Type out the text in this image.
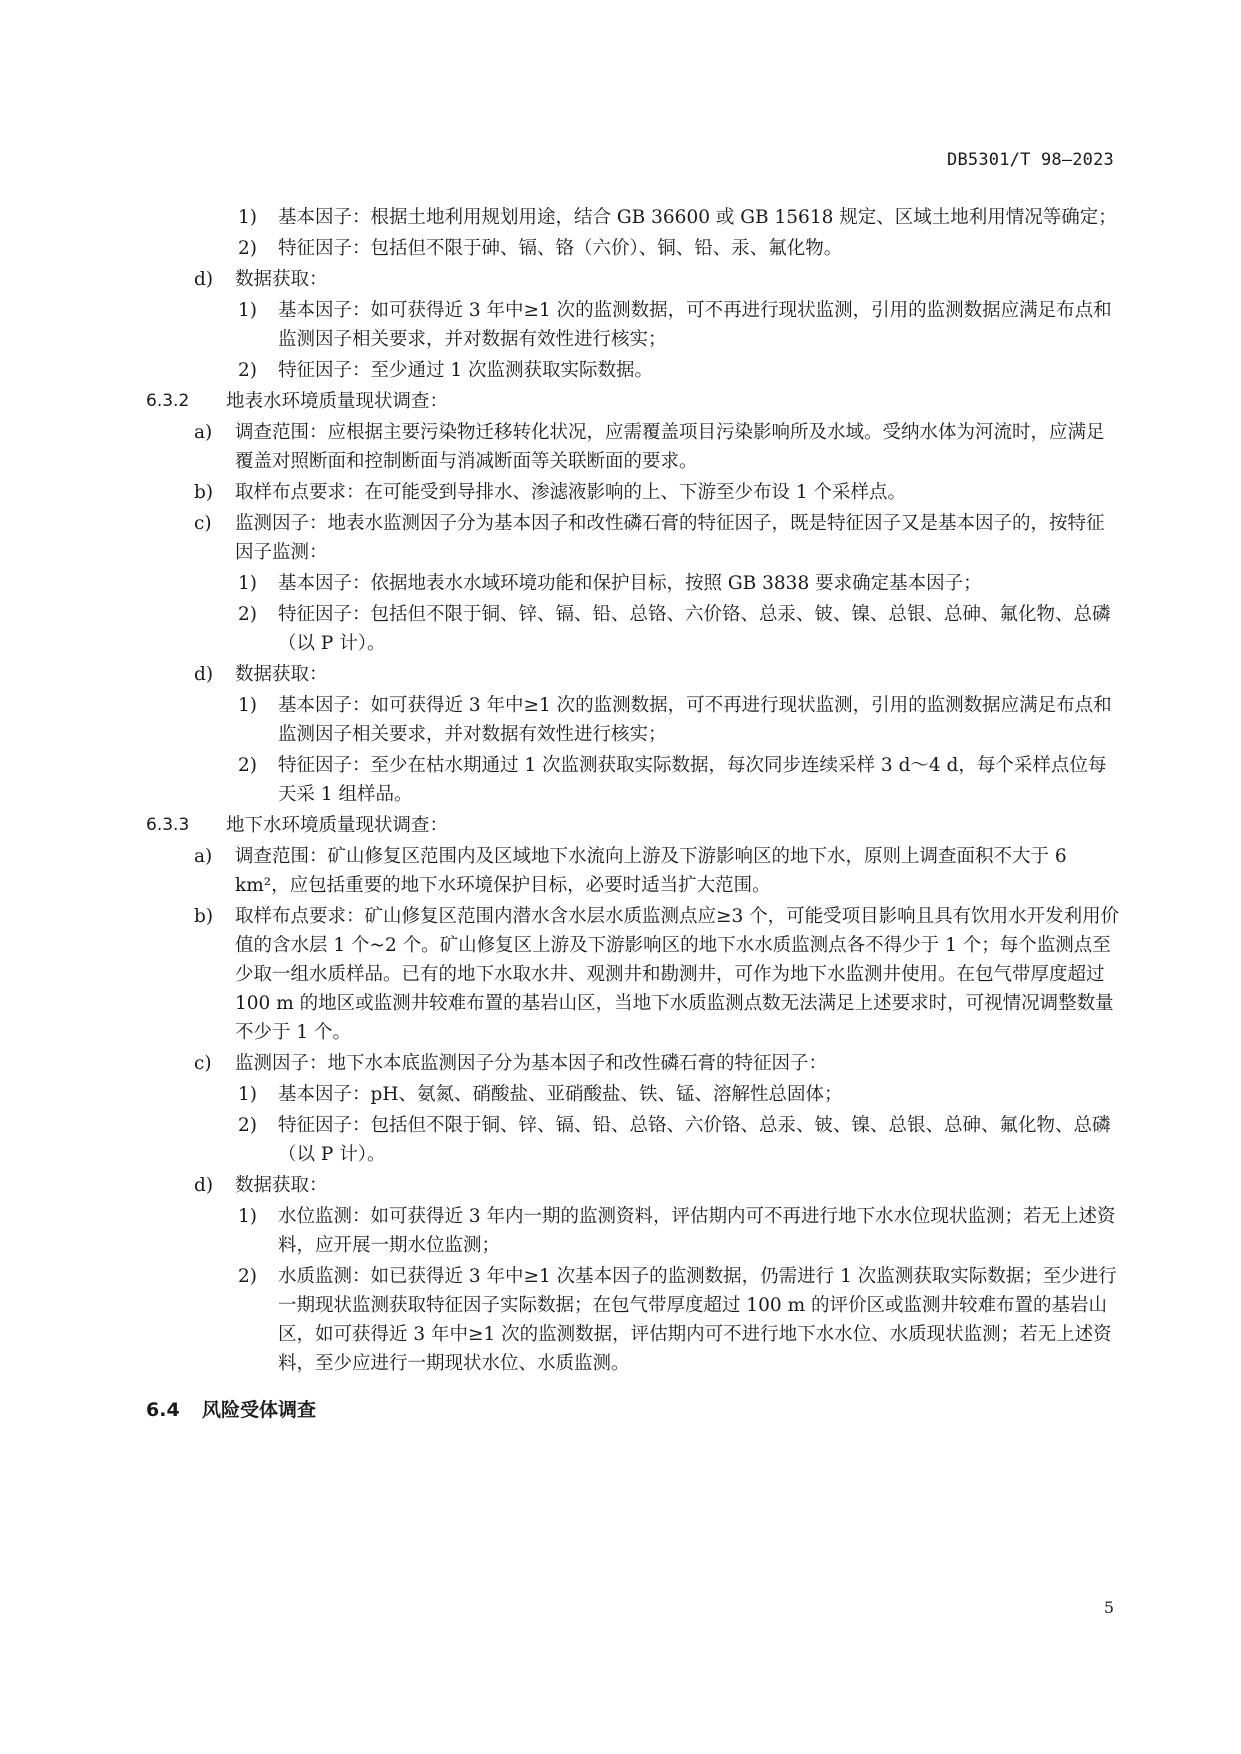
DB5301/T 98—2023
1) 基本因子：根据土地利用规划用途，结合 GB 36600 或 GB 15618 规定、区域土地利用情况等确定；
2) 特征因子：包括但不限于砷、镉、铬（六价）、铜、铅、汞、氟化物。
d) 数据获取：
1) 基本因子：如可获得近 3 年中≥1 次的监测数据，可不再进行现状监测，引用的监测数据应满足布点和监测因子相关要求，并对数据有效性进行核实；
2) 特征因子：至少通过 1 次监测获取实际数据。
6.3.2 地表水环境质量现状调查：
a) 调查范围：应根据主要污染物迁移转化状况，应需覆盖项目污染影响所及水域。受纳水体为河流时，应满足覆盖对照断面和控制断面与消减断面等关联断面的要求。
b) 取样布点要求：在可能受到导排水、渗滤液影响的上、下游至少布设 1 个采样点。
c) 监测因子：地表水监测因子分为基本因子和改性磷石膏的特征因子，既是特征因子又是基本因子的，按特征因子监测：
1) 基本因子：依据地表水水域环境功能和保护目标，按照 GB 3838 要求确定基本因子；
2) 特征因子：包括但不限于铜、锌、镉、铅、总铬、六价铬、总汞、铍、镍、总银、总砷、氟化物、总磷（以 P 计）。
d) 数据获取：
1) 基本因子：如可获得近 3 年中≥1 次的监测数据，可不再进行现状监测，引用的监测数据应满足布点和监测因子相关要求，并对数据有效性进行核实；
2) 特征因子：至少在枯水期通过 1 次监测获取实际数据，每次同步连续采样 3 d～4 d，每个采样点位每天采 1 组样品。
6.3.3 地下水环境质量现状调查：
a) 调查范围：矿山修复区范围内及区域地下水流向上游及下游影响区的地下水，原则上调查面积不大于 6 km²，应包括重要的地下水环境保护目标，必要时适当扩大范围。
b) 取样布点要求：矿山修复区范围内潜水含水层水质监测点应≥3 个，可能受项目影响且具有饮用水开发利用价值的含水层 1 个~2 个。矿山修复区上游及下游影响区的地下水水质监测点各不得少于 1 个；每个监测点至少取一组水质样品。已有的地下水取水井、观测井和勘测井，可作为地下水监测井使用。在包气带厚度超过 100 m 的地区或监测井较难布置的基岩山区，当地下水质监测点数无法满足上述要求时，可视情况调整数量不少于 1 个。
c) 监测因子：地下水本底监测因子分为基本因子和改性磷石膏的特征因子：
1) 基本因子：pH、氨氮、硝酸盐、亚硝酸盐、铁、锰、溶解性总固体；
2) 特征因子：包括但不限于铜、锌、镉、铅、总铬、六价铬、总汞、铍、镍、总银、总砷、氟化物、总磷（以 P 计）。
d) 数据获取：
1) 水位监测：如可获得近 3 年内一期的监测资料，评估期内可不再进行地下水水位现状监测；若无上述资料，应开展一期水位监测；
2) 水质监测：如已获得近 3 年中≥1 次基本因子的监测数据，仍需进行 1 次监测获取实际数据；至少进行一期现状监测获取特征因子实际数据；在包气带厚度超过 100 m 的评价区或监测井较难布置的基岩山区，如可获得近 3 年中≥1 次的监测数据，评估期内可不进行地下水水位、水质现状监测；若无上述资料，至少应进行一期现状水位、水质监测。
6.4 风险受体调查
5
